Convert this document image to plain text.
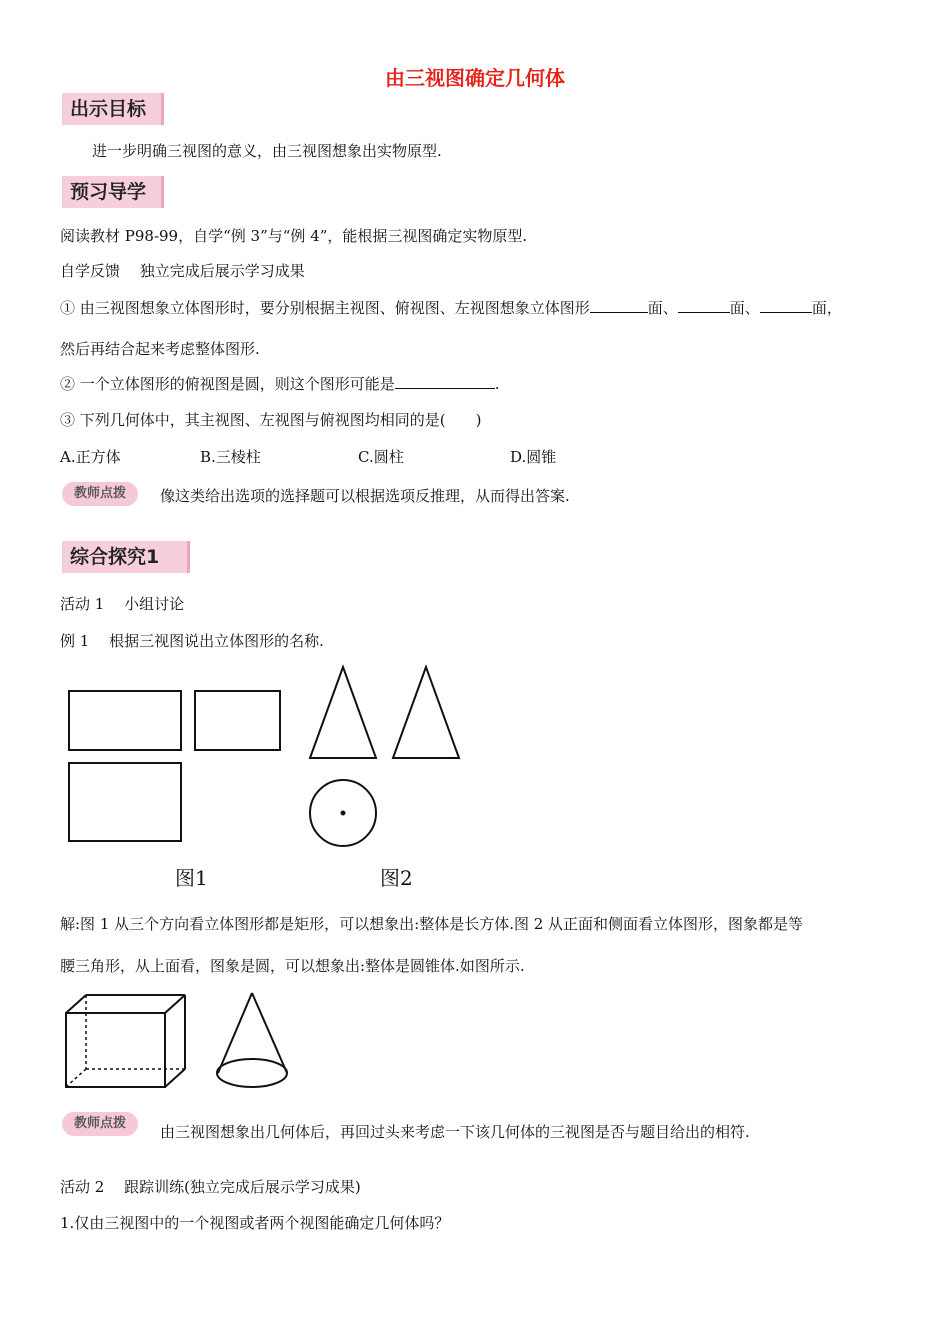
由三视图确定几何体
出示目标
进一步明确三视图的意义，由三视图想象出实物原型.
预习导学
阅读教材 P98-99，自学“例 3”与“例 4”，能根据三视图确定实物原型.
自学反馈　 独立完成后展示学习成果
① 由三视图想象立体图形时，要分别根据主视图、俯视图、左视图想象立体图形	面、	面、	面，
然后再结合起来考虑整体图形.
② 一个立体图形的俯视图是圆，则这个图形可能是	.
③ 下列几何体中，其主视图、左视图与俯视图均相同的是(　　)
A.正方体	B.三棱柱	C.圆柱	D.圆锥
教师点拨	像这类给出选项的选择题可以根据选项反推理，从而得出答案.
综合探究1
活动 1　 小组讨论
例 1　 根据三视图说出立体图形的名称.
图1	图2
解:图 1 从三个方向看立体图形都是矩形，可以想象出:整体是长方体.图 2 从正面和侧面看立体图形，图象都是等
腰三角形，从上面看，图象是圆，可以想象出:整体是圆锥体.如图所示.
教师点拨	由三视图想象出几何体后，再回过头来考虑一下该几何体的三视图是否与题目给出的相符.
活动 2　 跟踪训练(独立完成后展示学习成果)
1.仅由三视图中的一个视图或者两个视图能确定几何体吗？
